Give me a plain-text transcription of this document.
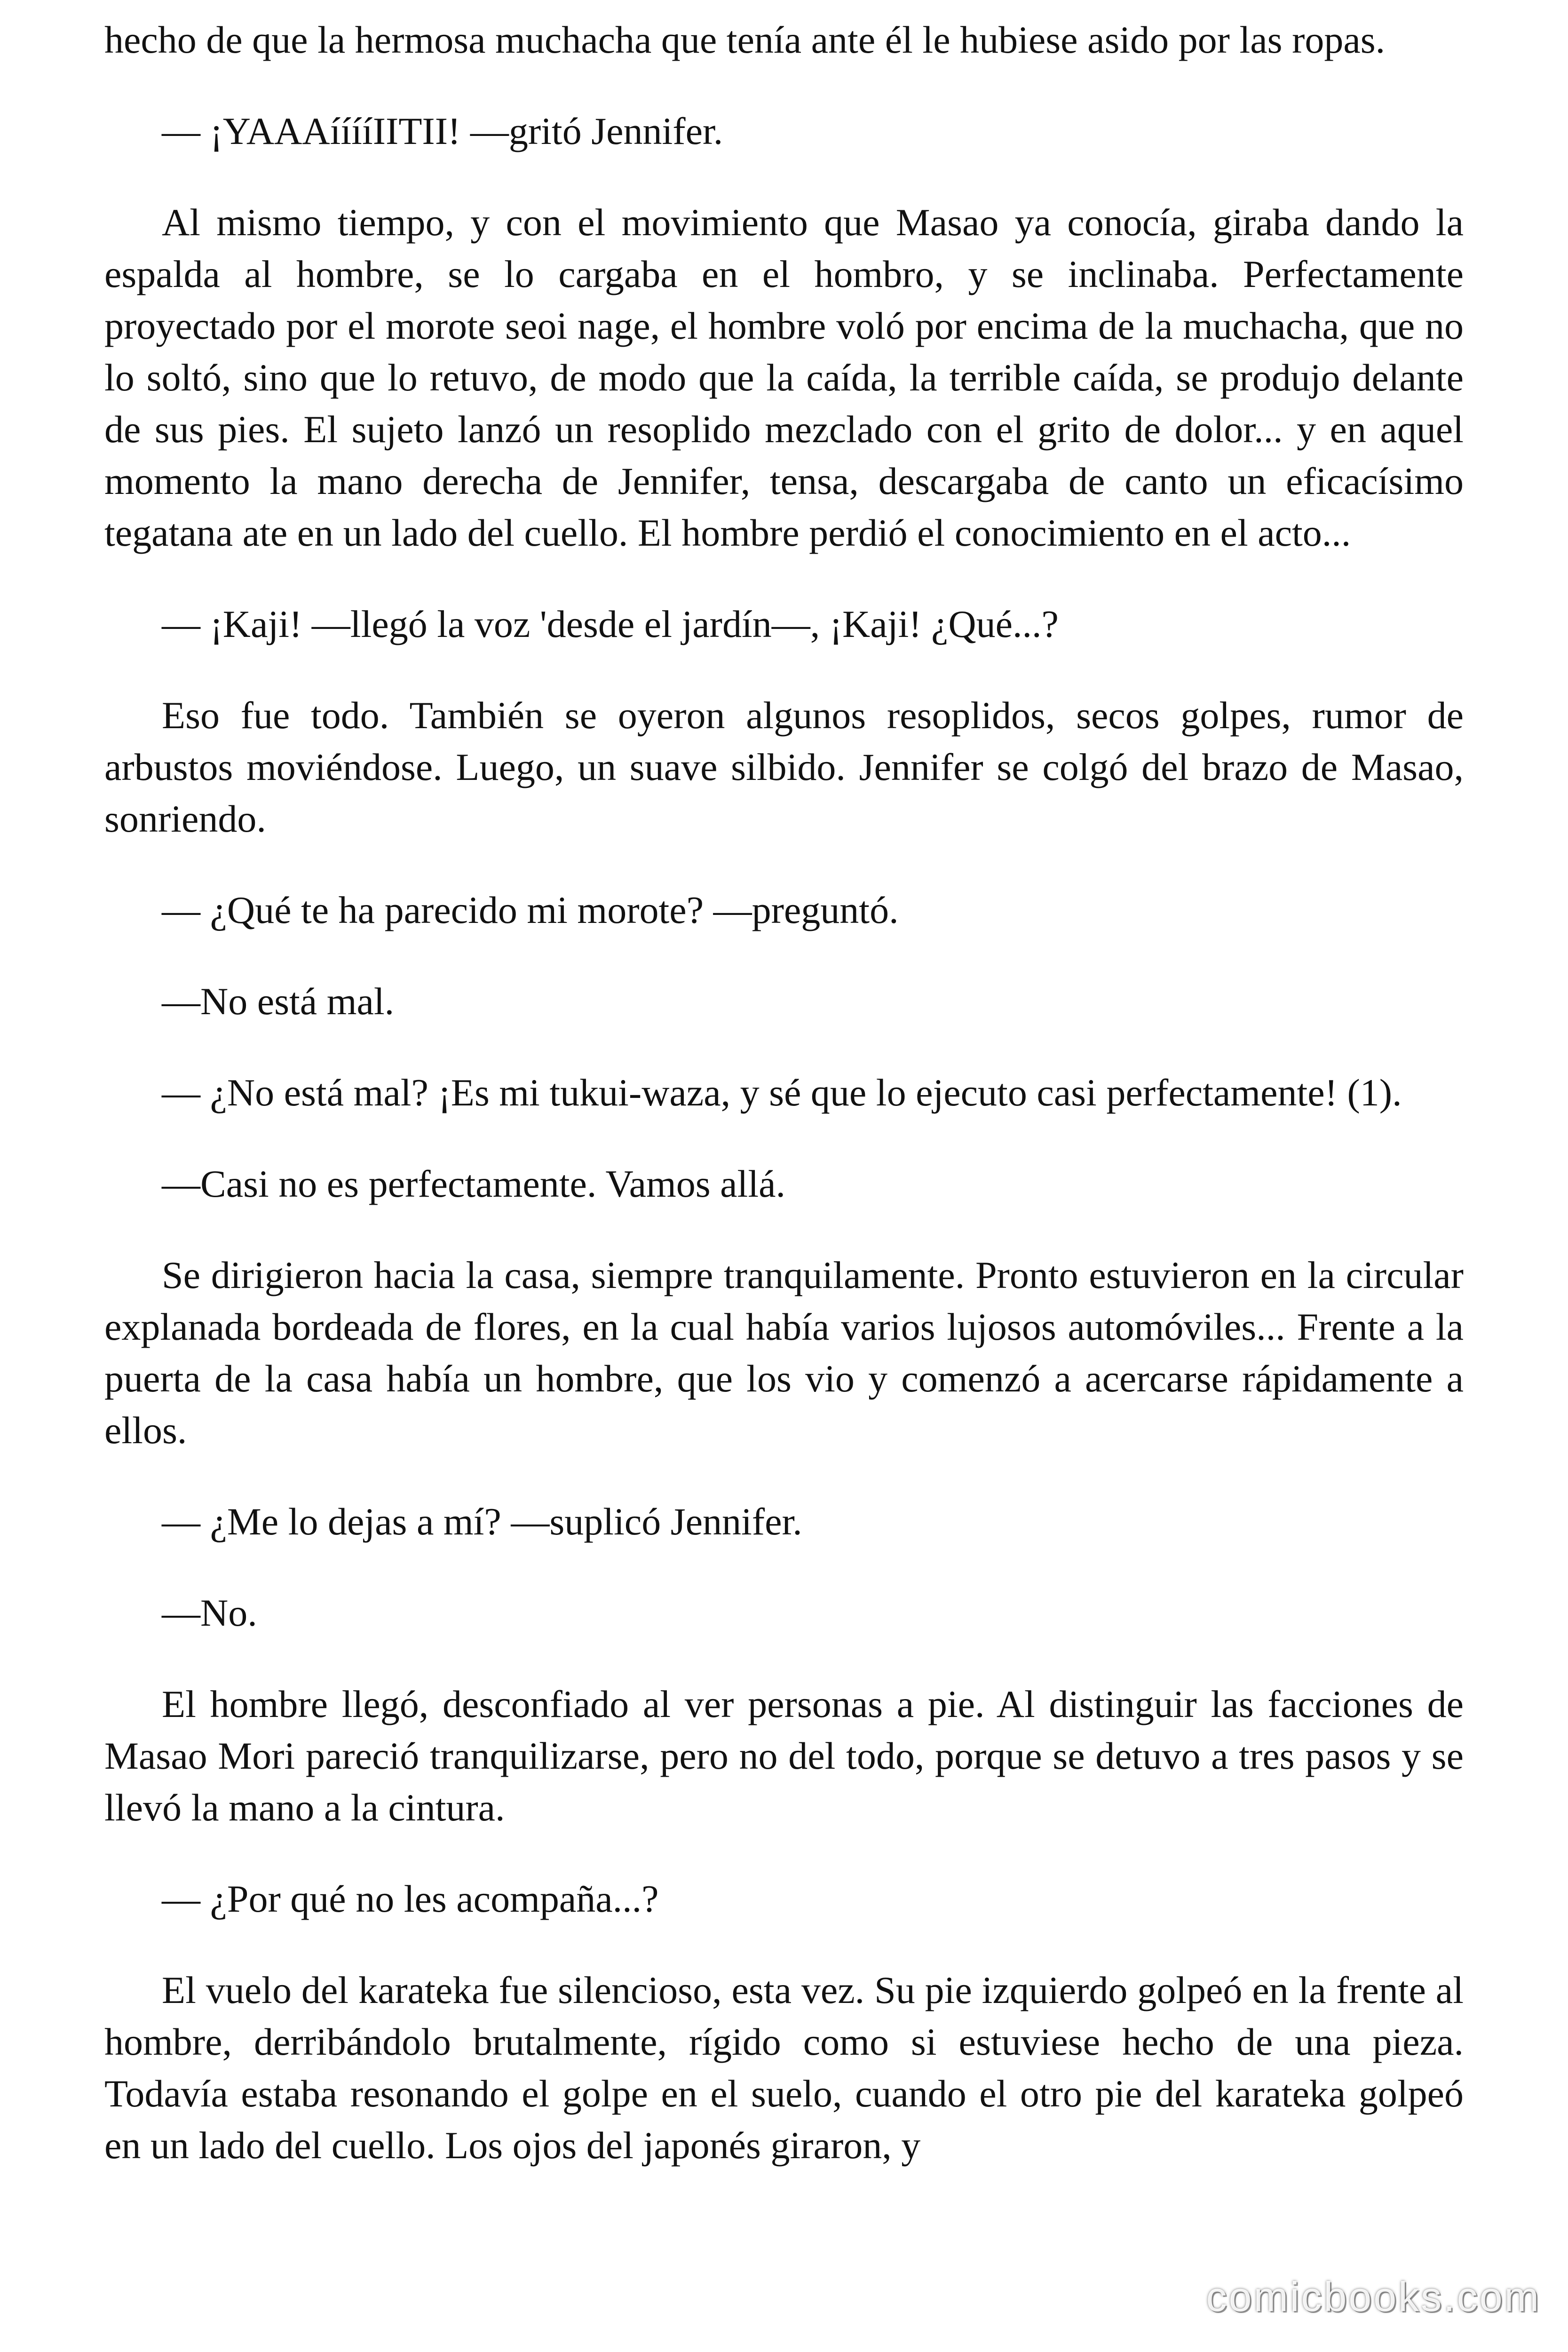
hecho de que la hermosa muchacha que tenía ante él le hubiese asido por las ropas.

— ¡YAAAííííIITII! —gritó Jennifer.

Al mismo tiempo, y con el movimiento que Masao ya conocía, giraba dando la espalda al hombre, se lo cargaba en el hombro, y se inclinaba. Perfectamente proyectado por el morote seoi nage, el hombre voló por encima de la muchacha, que no lo soltó, sino que lo retuvo, de modo que la caída, la terrible caída, se produjo delante de sus pies. El sujeto lanzó un resoplido mezclado con el grito de dolor... y en aquel momento la mano derecha de Jennifer, tensa, descargaba de canto un eficacísimo tegatana ate en un lado del cuello. El hombre perdió el conocimiento en el acto...

— ¡Kaji! —llegó la voz 'desde el jardín—, ¡Kaji! ¿Qué...?

Eso fue todo. También se oyeron algunos resoplidos, secos golpes, rumor de arbustos moviéndose. Luego, un suave silbido. Jennifer se colgó del brazo de Masao, sonriendo.

— ¿Qué te ha parecido mi morote? —preguntó.

—No está mal.

— ¿No está mal? ¡Es mi tukui-waza, y sé que lo ejecuto casi perfectamente! (1).

—Casi no es perfectamente. Vamos allá.

Se dirigieron hacia la casa, siempre tranquilamente. Pronto estuvieron en la circular explanada bordeada de flores, en la cual había varios lujosos automóviles... Frente a la puerta de la casa había un hombre, que los vio y comenzó a acercarse rápidamente a ellos.

— ¿Me lo dejas a mí? —suplicó Jennifer.

—No.

El hombre llegó, desconfiado al ver personas a pie. Al distinguir las facciones de Masao Mori pareció tranquilizarse, pero no del todo, porque se detuvo a tres pasos y se llevó la mano a la cintura.

— ¿Por qué no les acompaña...?

El vuelo del karateka fue silencioso, esta vez. Su pie izquierdo golpeó en la frente al hombre, derribándolo brutalmente, rígido como si estuviese hecho de una pieza. Todavía estaba resonando el golpe en el suelo, cuando el otro pie del karateka golpeó en un lado del cuello. Los ojos del japonés giraron, y

comicbooks.com
